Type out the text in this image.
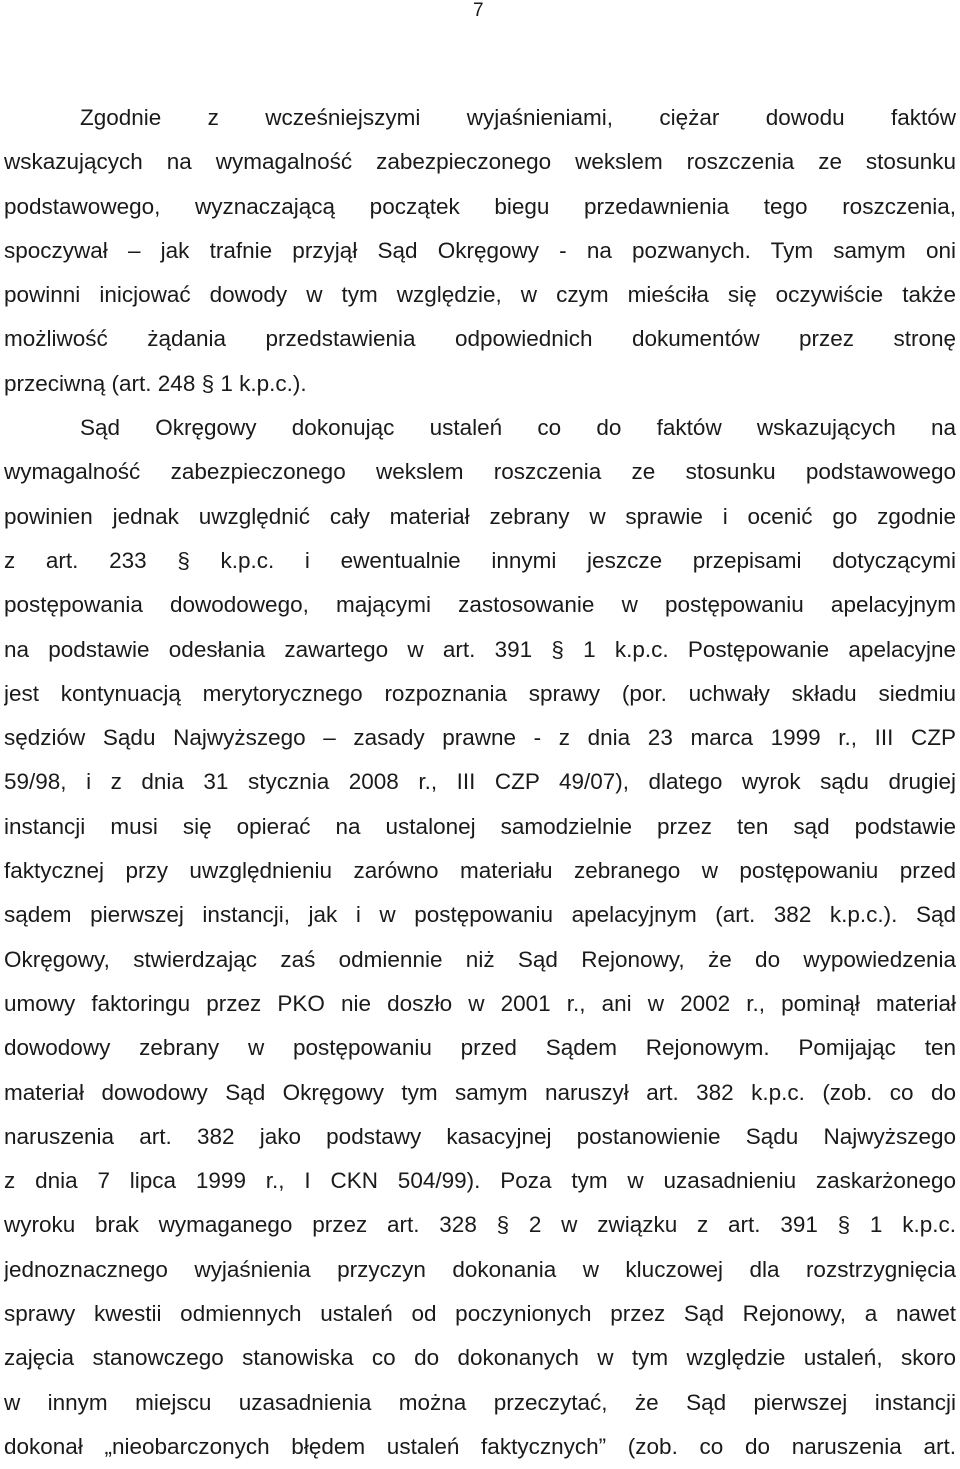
7
Zgodnie z wcześniejszymi wyjaśnieniami, ciężar dowodu faktów
wskazujących na wymagalność zabezpieczonego wekslem roszczenia ze stosunku
podstawowego, wyznaczającą początek biegu przedawnienia tego roszczenia,
spoczywał – jak trafnie przyjął Sąd Okręgowy - na pozwanych. Tym samym oni
powinni inicjować dowody w tym względzie, w czym mieściła się oczywiście także
możliwość żądania przedstawienia odpowiednich dokumentów przez stronę
przeciwną (art. 248 § 1 k.p.c.).
Sąd Okręgowy dokonując ustaleń co do faktów wskazujących na
wymagalność zabezpieczonego wekslem roszczenia ze stosunku podstawowego
powinien jednak uwzględnić cały materiał zebrany w sprawie i ocenić go zgodnie
z art. 233 § k.p.c. i ewentualnie innymi jeszcze przepisami dotyczącymi
postępowania dowodowego, mającymi zastosowanie w postępowaniu apelacyjnym
na podstawie odesłania zawartego w art. 391 § 1 k.p.c. Postępowanie apelacyjne
jest kontynuacją merytorycznego rozpoznania sprawy (por. uchwały składu siedmiu
sędziów Sądu Najwyższego – zasady prawne - z dnia 23 marca 1999 r., III CZP
59/98, i z dnia 31 stycznia 2008 r., III CZP 49/07), dlatego wyrok sądu drugiej
instancji musi się opierać na ustalonej samodzielnie przez ten sąd podstawie
faktycznej przy uwzględnieniu zarówno materiału zebranego w postępowaniu przed
sądem pierwszej instancji, jak i w postępowaniu apelacyjnym (art. 382 k.p.c.). Sąd
Okręgowy, stwierdzając zaś odmiennie niż Sąd Rejonowy, że do wypowiedzenia
umowy faktoringu przez PKO nie doszło w 2001 r., ani w 2002 r., pominął materiał
dowodowy zebrany w postępowaniu przed Sądem Rejonowym. Pomijając ten
materiał dowodowy Sąd Okręgowy tym samym naruszył art. 382 k.p.c. (zob. co do
naruszenia art. 382 jako podstawy kasacyjnej postanowienie Sądu Najwyższego
z dnia 7 lipca 1999 r., I CKN 504/99). Poza tym w uzasadnieniu zaskarżonego
wyroku brak wymaganego przez art. 328 § 2 w związku z art. 391 § 1 k.p.c.
jednoznacznego wyjaśnienia przyczyn dokonania w kluczowej dla rozstrzygnięcia
sprawy kwestii odmiennych ustaleń od poczynionych przez Sąd Rejonowy, a nawet
zajęcia stanowczego stanowiska co do dokonanych w tym względzie ustaleń, skoro
w innym miejscu uzasadnienia można przeczytać, że Sąd pierwszej instancji
dokonał „nieobarczonych błędem ustaleń faktycznych” (zob. co do naruszenia art.
